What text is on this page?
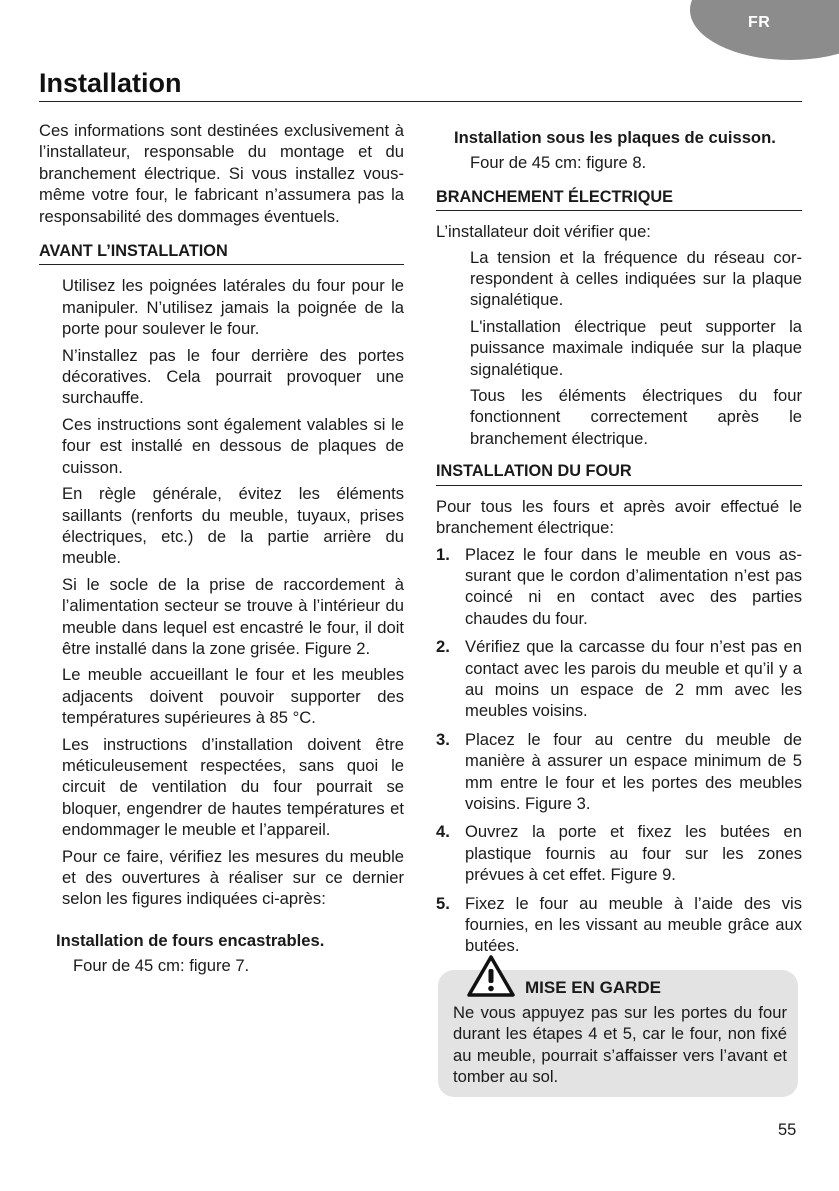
FR
Installation

Ces informations sont destinées exclusivement à l’installateur, responsable du montage et du branchement électrique. Si vous installez vous-même votre four, le fabricant n’assumera pas la responsabilité des dommages éventuels.

AVANT L’INSTALLATION

Utilisez les poignées latérales du four pour le manipuler. N’utilisez jamais la poignée de la porte pour soulever le four.

N’installez pas le four derrière des portes décoratives. Cela pourrait provoquer une surchauffe.

Ces instructions sont également valables si le four est installé en dessous de plaques de cuisson.

En règle générale, évitez les éléments saillants (renforts du meuble, tuyaux, prises électriques, etc.) de la partie arrière du meuble.

Si le socle de la prise de raccordement à l’alimentation secteur se trouve à l’intérieur du meuble dans lequel est encastré le four, il doit être installé dans la zone grisée. Figure 2.

Le meuble accueillant le four et les meubles adjacents doivent pouvoir supporter des températures supérieures à 85 °C.

Les instructions d’installation doivent être méticuleusement respectées, sans quoi le circuit de ventilation du four pourrait se bloquer, engendrer de hautes températures et endommager le meuble et l’appareil.

Pour ce faire, vérifiez les mesures du meuble et des ouvertures à réaliser sur ce dernier selon les figures indiquées ci-après:

Installation de fours encastrables.

Four de 45 cm: figure 7.

Installation sous les plaques de cuisson.

Four de 45 cm: figure 8.

BRANCHEMENT ÉLECTRIQUE

L’installateur doit vérifier que:

La tension et la fréquence du réseau cor-respondent à celles indiquées sur la plaque signalétique.

L'installation électrique peut supporter la puissance maximale indiquée sur la plaque signalétique.

Tous les éléments électriques du four fonctionnent correctement après le branchement électrique.

INSTALLATION DU FOUR

Pour tous les fours et après avoir effectué le branchement électrique:

1. Placez le four dans le meuble en vous as-surant que le cordon d’alimentation n’est pas coincé ni en contact avec des parties chaudes du four.
2. Vérifiez que la carcasse du four n’est pas en contact avec les parois du meuble et qu’il y a au moins un espace de 2 mm avec les meubles voisins.
3. Placez le four au centre du meuble de manière à assurer un espace minimum de 5 mm entre le four et les portes des meubles voisins. Figure 3.
4. Ouvrez la porte et fixez les butées en plastique fournis au four sur les zones prévues à cet effet. Figure 9.
5. Fixez le four au meuble à l’aide des vis fournies, en les vissant au meuble grâce aux butées.
MISE EN GARDE

Ne vous appuyez pas sur les portes du four durant les étapes 4 et 5, car le four, non fixé au meuble, pourrait s’affaisser vers l’avant et tomber au sol.

55
